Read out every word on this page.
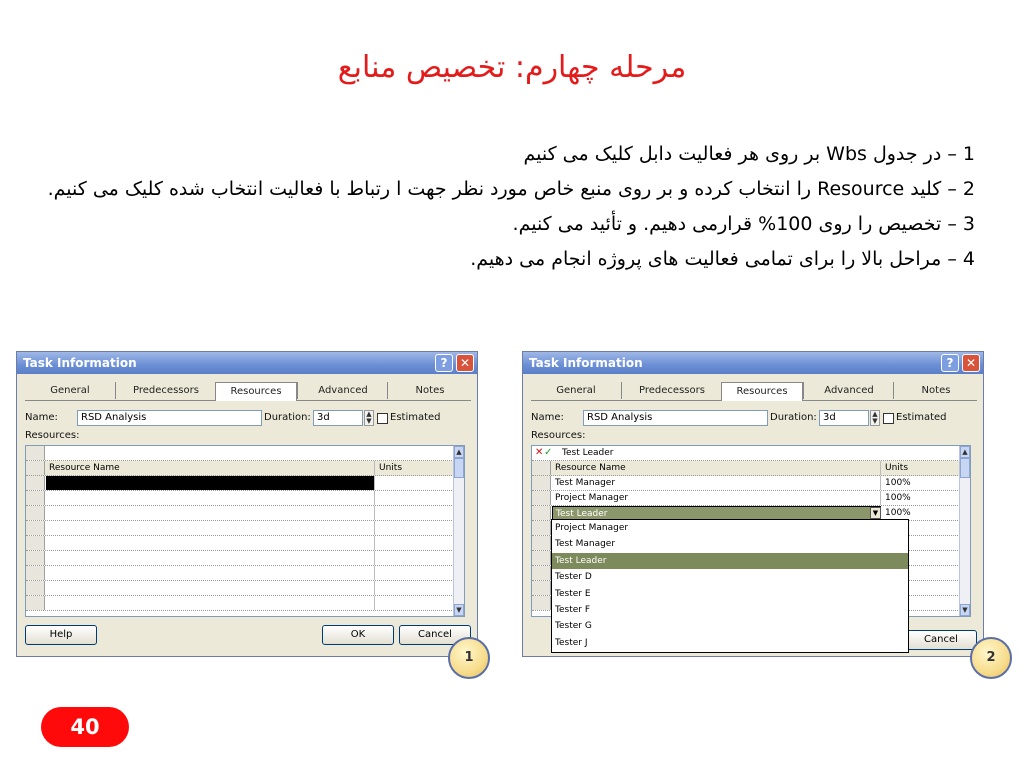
مرحله چهارم: تخصیص منابع
1 – در جدول Wbs بر روی هر فعالیت دابل کلیک می کنیم
2 – کلید Resource را انتخاب کرده و بر روی منبع خاص مورد نظر جهت ا رتباط با فعالیت انتخاب شده کلیک می کنیم.
3 – تخصیص را روی 100% قرارمی دهیم. و تأئید می کنیم.
4 – مراحل بالا را برای تمامی فعالیت های پروژه انجام می دهیم.
Task Information	?	✕
General	Predecessors	Resources	Advanced	Notes
Name:	RSD Analysis	Duration: 3d	▲
▼ Estimated
Resources:
Resource Name	Units
▲
▼
Help	OK	Cancel
1
Task Information	?	✕
General	Predecessors	Resources	Advanced	Notes
Name:	RSD Analysis	Duration: 3d	▲
▼ Estimated
Resources:
✕ ✓ Test Leader
Resource Name	Units
Test Manager	100%
Project Manager	100%
Test Leader	▼ 100%
▲
▼
Cancel
Project Manager
Test Manager
Test Leader
Tester D
Tester E
Tester F
Tester G
Tester J
2
40
